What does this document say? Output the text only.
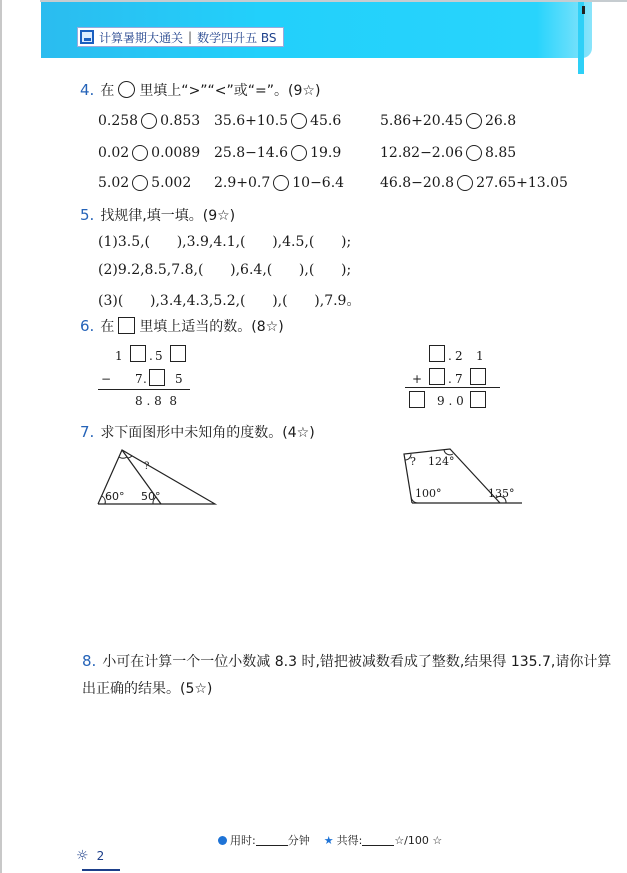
计算暑期大通关 | 数学四升五 BS
4. 在 里填上“>”“<”或“=”。(9☆)
0.258 0.853 35.6+10.5 45.6	5.86+20.45 26.8
0.02 0.0089 25.8−14.6 19.9	12.82−2.06 8.85
5.02 5.002 2.9+0.7 10−6.4	46.8−20.8 27.65+13.05
5. 找规律,填一填。(9☆)
(1)3.5,(      ),3.9,4.1,(      ),4.5,(      );
(2)9.2,8.5,7.8,(      ),6.4,(      ),(      );
(3)(      ),3.4,4.3,5.2,(      ),(      ),7.9。
6. 在 里填上适当的数。(8☆)
1 . 5
− 7 . 5
8 . 8  8
. 2 1
+ . 7
9 . 0
7. 求下面图形中未知角的度数。(4☆)
60° 50°
?	? 124°
100°	135°
8. 小可在计算一个一位小数减 8.3 时,错把被减数看成了整数,结果得 135.7,请你计算出正确的结果。(5☆)
用时:	分钟 ★ 共得:	☆/100 ☆
☼ 2
